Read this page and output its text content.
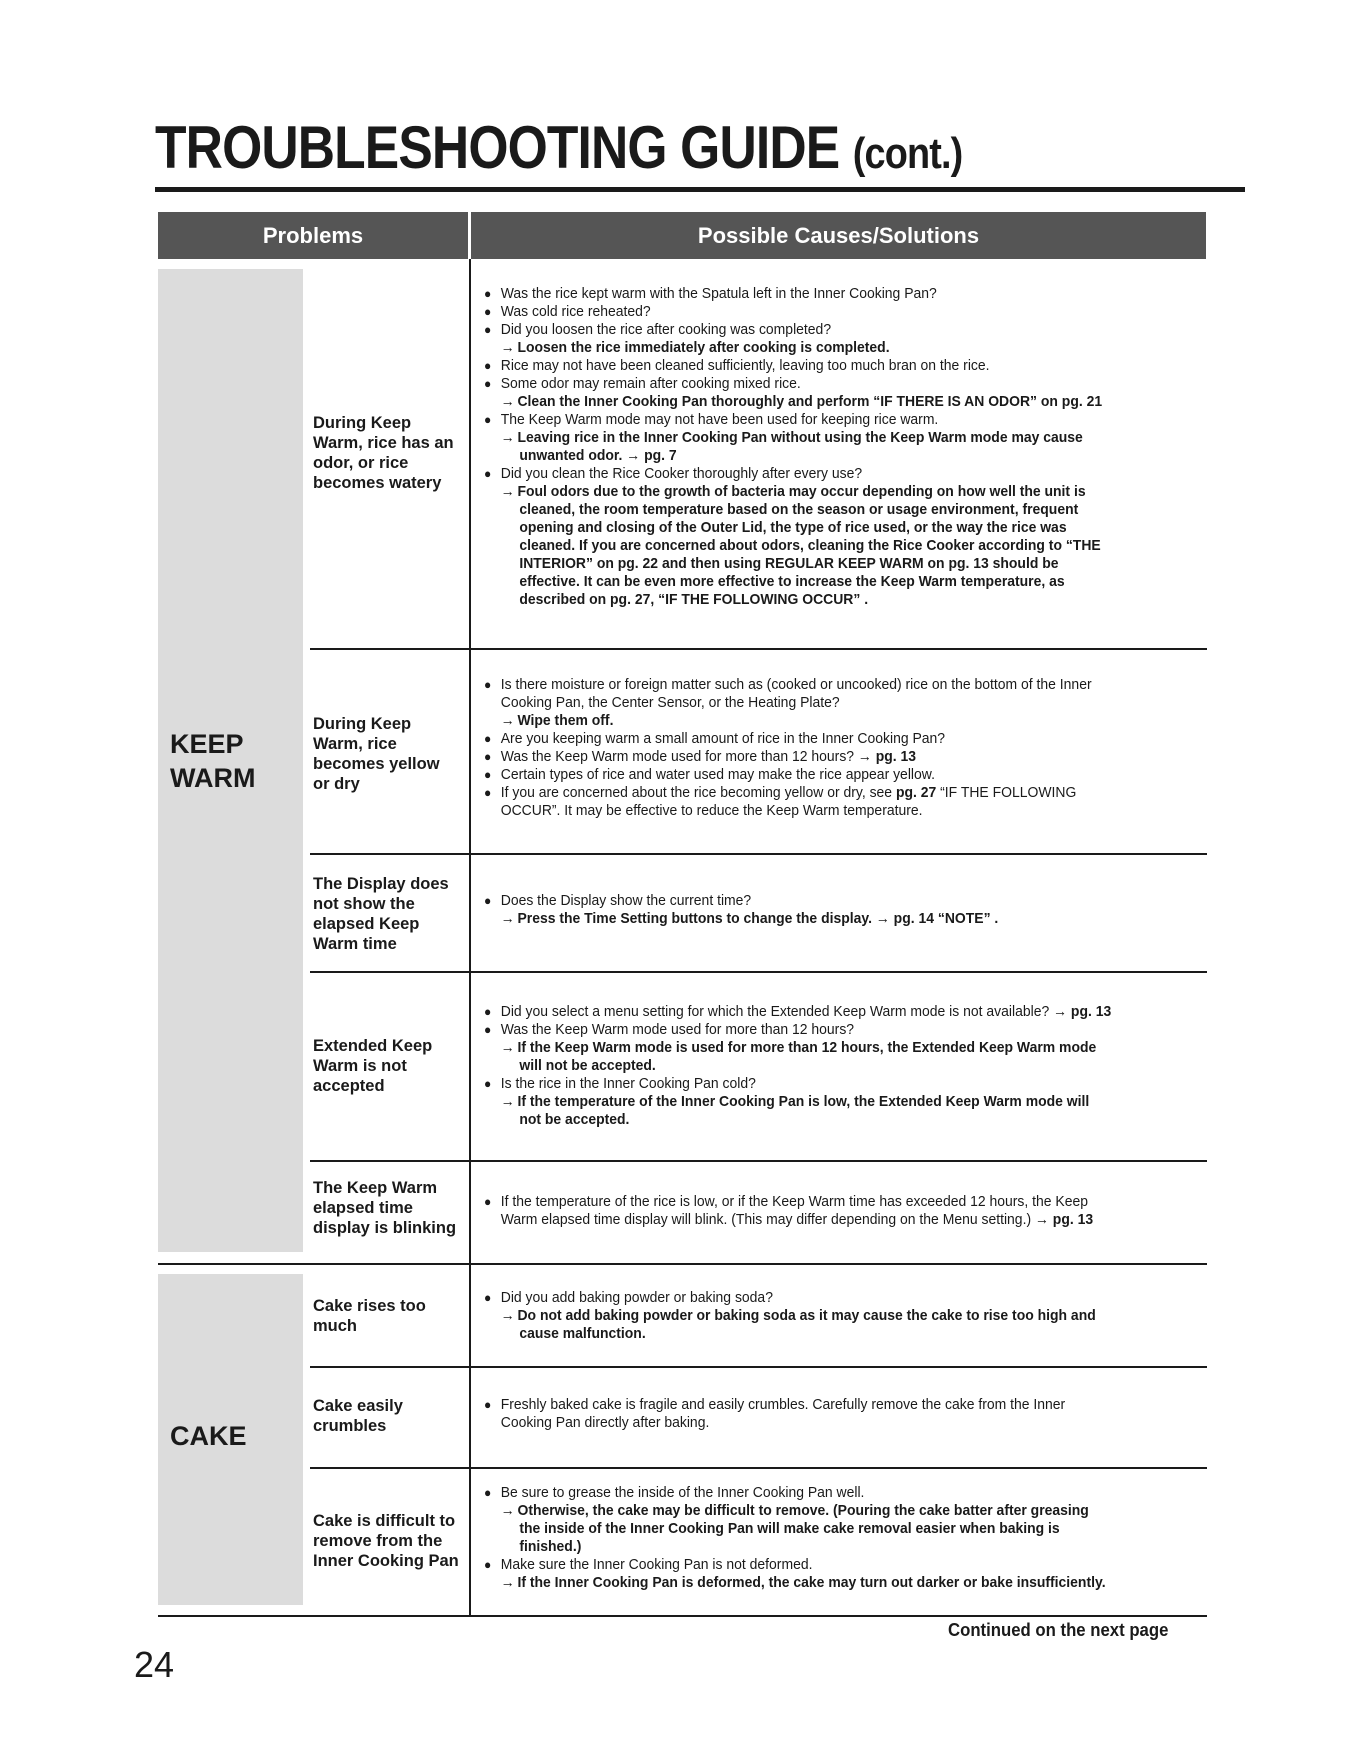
TROUBLESHOOTING GUIDE (cont.)
Problems	Possible Causes/Solutions
KEEP
WARM
CAKE
During Keep
Warm, rice has an
odor, or rice
becomes watery
During Keep
Warm, rice
becomes yellow
or dry
The Display does
not show the
elapsed Keep
Warm time
Extended Keep
Warm is not
accepted
The Keep Warm
elapsed time
display is blinking
Cake rises too
much
Cake easily
crumbles
Cake is difficult to
remove from the
Inner Cooking Pan
● Was the rice kept warm with the Spatula left in the Inner Cooking Pan?
● Was cold rice reheated?
● Did you loosen the rice after cooking was completed?
→ Loosen the rice immediately after cooking is completed.
● Rice may not have been cleaned sufficiently, leaving too much bran on the rice.
● Some odor may remain after cooking mixed rice.
→ Clean the Inner Cooking Pan thoroughly and perform “IF THERE IS AN ODOR” on pg. 21
● The Keep Warm mode may not have been used for keeping rice warm.
→ Leaving rice in the Inner Cooking Pan without using the Keep Warm mode may cause
unwanted odor. → pg. 7
● Did you clean the Rice Cooker thoroughly after every use?
→ Foul odors due to the growth of bacteria may occur depending on how well the unit is
cleaned, the room temperature based on the season or usage environment, frequent
opening and closing of the Outer Lid, the type of rice used, or the way the rice was
cleaned. If you are concerned about odors, cleaning the Rice Cooker according to “THE
INTERIOR” on pg. 22 and then using REGULAR KEEP WARM on pg. 13 should be
effective. It can be even more effective to increase the Keep Warm temperature, as
described on pg. 27, “IF THE FOLLOWING OCCUR” .
● Is there moisture or foreign matter such as (cooked or uncooked) rice on the bottom of the Inner
Cooking Pan, the Center Sensor, or the Heating Plate?
→ Wipe them off.
● Are you keeping warm a small amount of rice in the Inner Cooking Pan?
● Was the Keep Warm mode used for more than 12 hours? → pg. 13
● Certain types of rice and water used may make the rice appear yellow.
● If you are concerned about the rice becoming yellow or dry, see pg. 27 “IF THE FOLLOWING
OCCUR”. It may be effective to reduce the Keep Warm temperature.
● Does the Display show the current time?
→ Press the Time Setting buttons to change the display. → pg. 14 “NOTE” .
● Did you select a menu setting for which the Extended Keep Warm mode is not available? → pg. 13
● Was the Keep Warm mode used for more than 12 hours?
→ If the Keep Warm mode is used for more than 12 hours, the Extended Keep Warm mode
will not be accepted.
● Is the rice in the Inner Cooking Pan cold?
→ If the temperature of the Inner Cooking Pan is low, the Extended Keep Warm mode will
not be accepted.
● If the temperature of the rice is low, or if the Keep Warm time has exceeded 12 hours, the Keep
Warm elapsed time display will blink. (This may differ depending on the Menu setting.) → pg. 13
● Did you add baking powder or baking soda?
→ Do not add baking powder or baking soda as it may cause the cake to rise too high and
cause malfunction.
● Freshly baked cake is fragile and easily crumbles. Carefully remove the cake from the Inner
Cooking Pan directly after baking.
● Be sure to grease the inside of the Inner Cooking Pan well.
→ Otherwise, the cake may be difficult to remove. (Pouring the cake batter after greasing
the inside of the Inner Cooking Pan will make cake removal easier when baking is
finished.)
● Make sure the Inner Cooking Pan is not deformed.
→ If the Inner Cooking Pan is deformed, the cake may turn out darker or bake insufficiently.
Continued on the next page
24
